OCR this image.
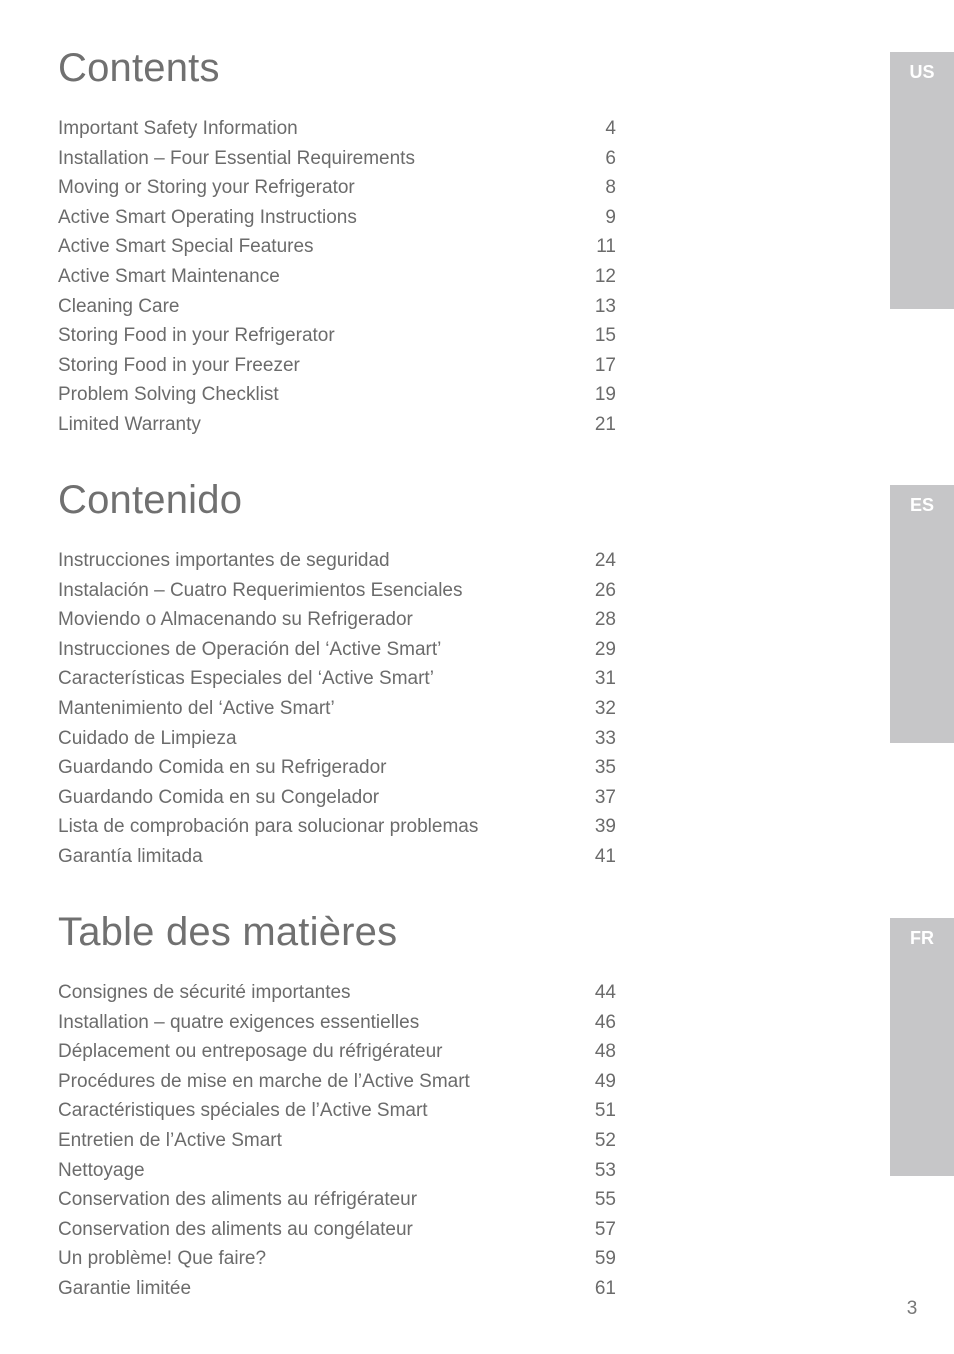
US
ES
FR
Contents
Important Safety Information	4
Installation – Four Essential Requirements	6
Moving or Storing your Refrigerator	8
Active Smart Operating Instructions	9
Active Smart Special Features	11
Active Smart Maintenance	12
Cleaning Care	13
Storing Food in your Refrigerator	15
Storing Food in your Freezer	17
Problem Solving Checklist	19
Limited Warranty	21
Contenido
Instrucciones importantes de seguridad	24
Instalación – Cuatro Requerimientos Esenciales	26
Moviendo o Almacenando su Refrigerador	28
Instrucciones de Operación del ‘Active Smart’	29
Características Especiales del ‘Active Smart’	31
Mantenimiento del ‘Active Smart’	32
Cuidado de Limpieza	33
Guardando Comida en su Refrigerador	35
Guardando Comida en su Congelador	37
Lista de comprobación para solucionar problemas	39
Garantía limitada	41
Table des matières
Consignes de sécurité importantes	44
Installation – quatre exigences essentielles	46
Déplacement ou entreposage du réfrigérateur	48
Procédures de mise en marche de l’Active Smart	49
Caractéristiques spéciales de l’Active Smart	51
Entretien de l’Active Smart	52
Nettoyage	53
Conservation des aliments au réfrigérateur	55
Conservation des aliments au congélateur	57
Un problème! Que faire?	59
Garantie limitée	61
3
